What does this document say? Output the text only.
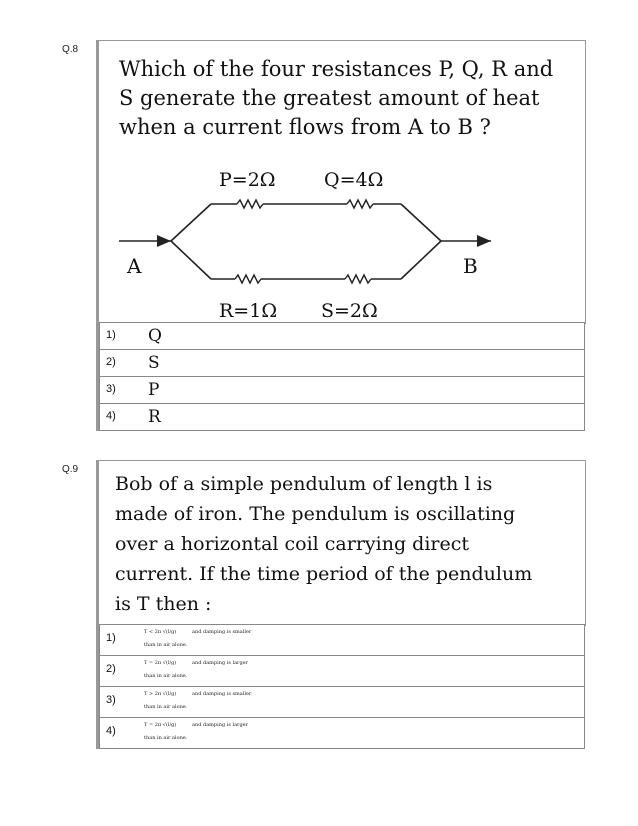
Q.8
Which of the four resistances P, Q, R and
S generate the greatest amount of heat
when a current flows from A to B ?
P=2Ω	Q=4Ω
R=1Ω S=2Ω
A	B
1) Q
2) S
3) P
4) R
Q.9
Bob of a simple pendulum of length l is
made of iron. The pendulum is oscillating
over a horizontal coil carrying direct
current. If the time period of the pendulum
is T then :
1)	T < 2π √(l/g)	and damping is smaller
than in air alone.
2)	T = 2π √(l/g)	and damping is larger
than in air alone.
3)	T > 2π √(l/g)	and damping is smaller
than in air alone.
4)	T = 2π √(l/g)	and damping is larger
than in air alone.
